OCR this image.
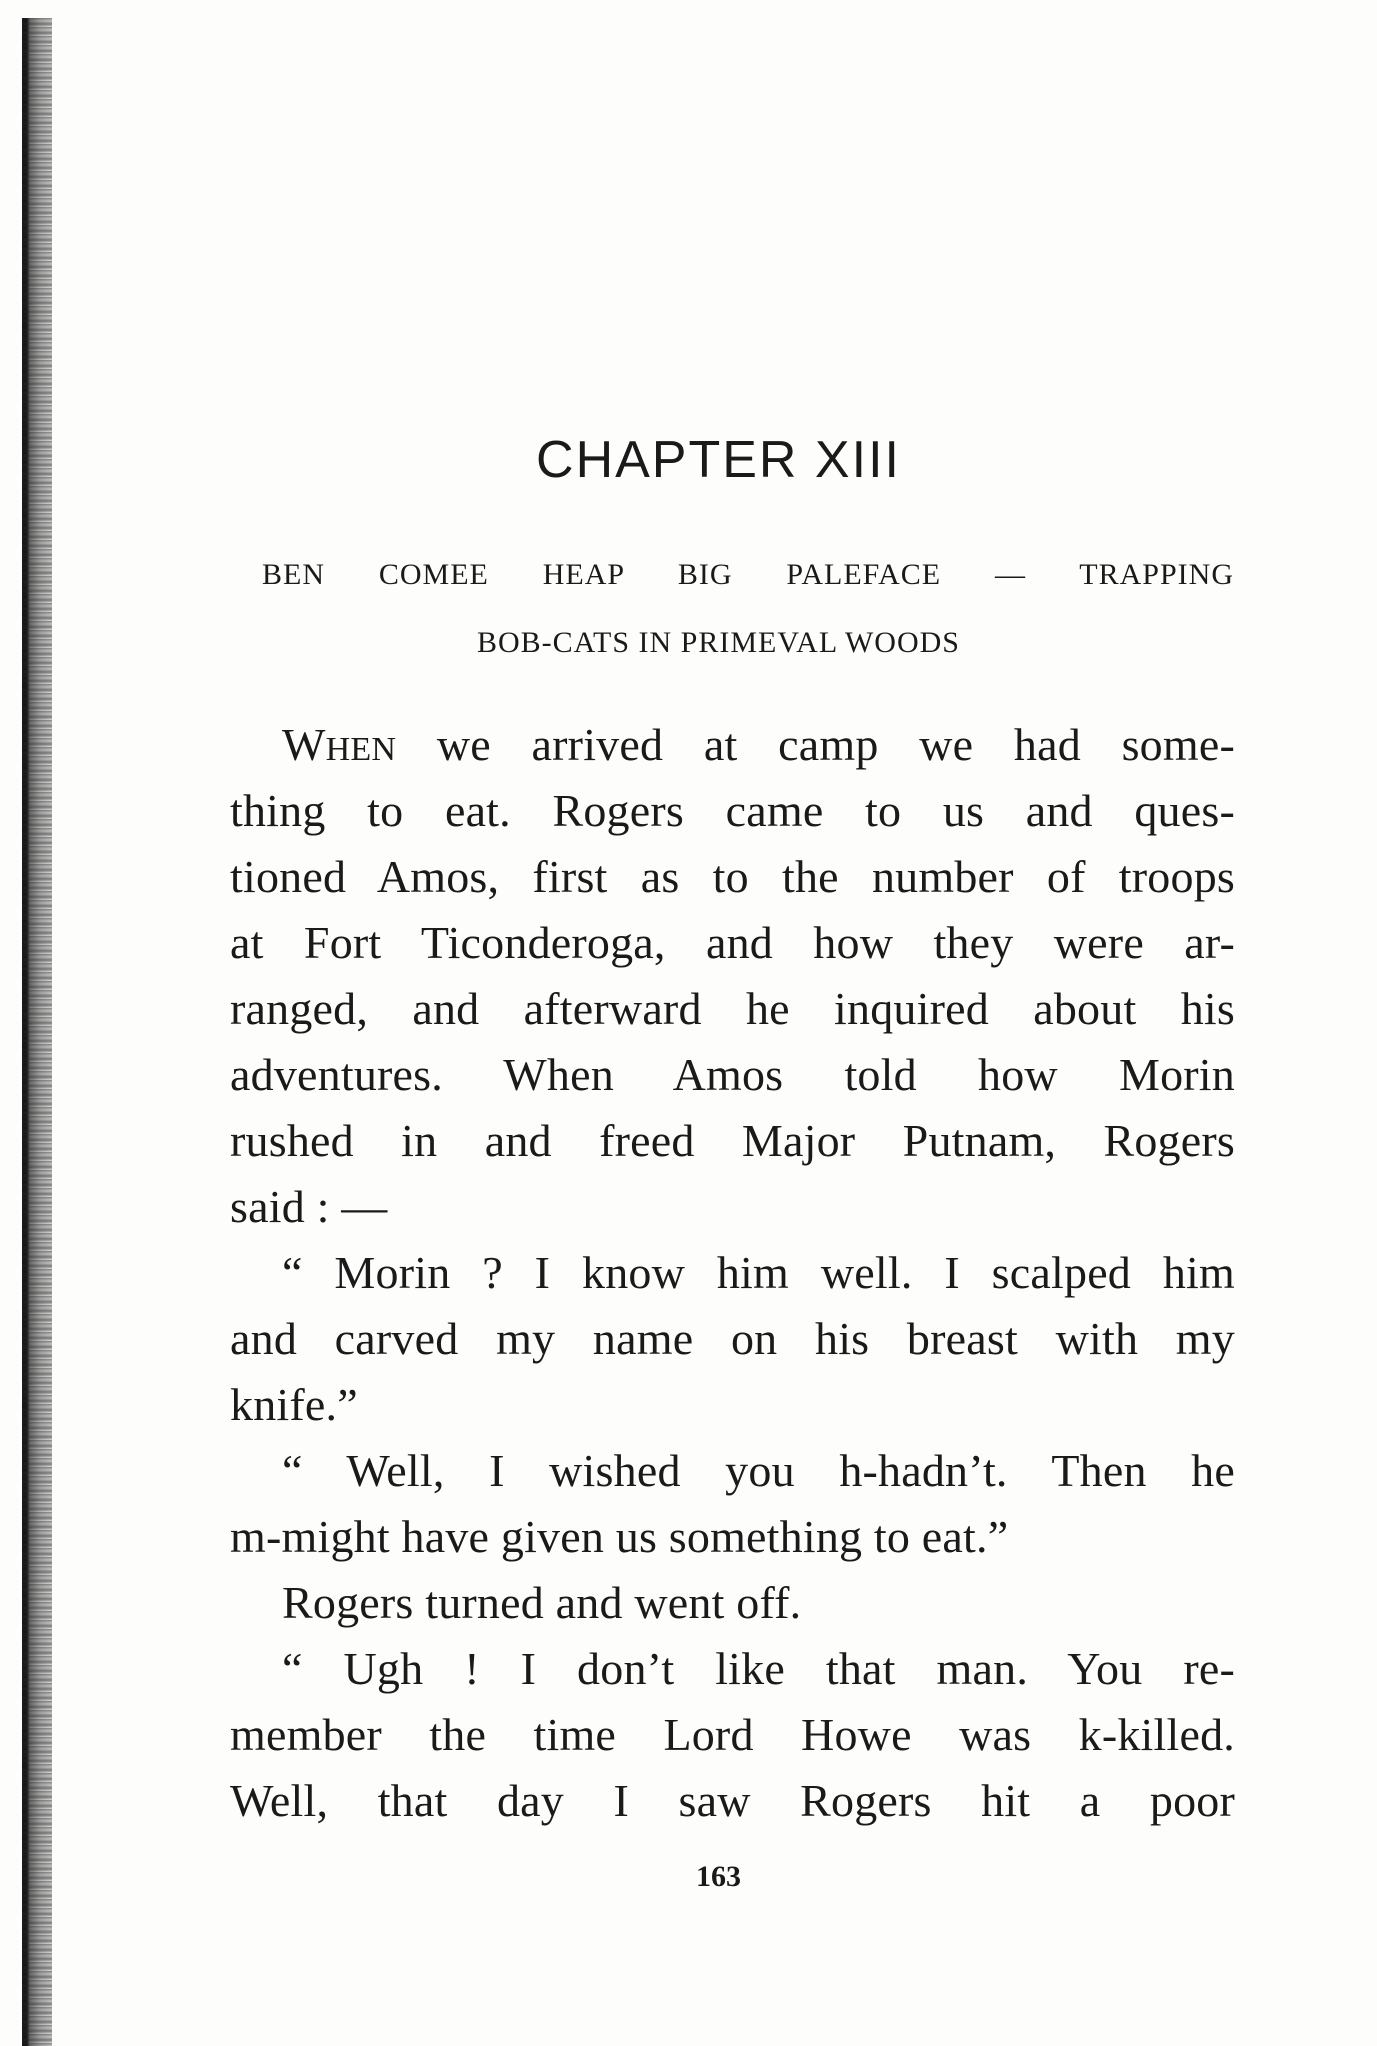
CHAPTER XIII
BEN COMEE HEAP BIG PALEFACE — TRAPPING
BOB-CATS IN PRIMEVAL WOODS
WHEN we arrived at camp we had some-
thing to eat. Rogers came to us and ques-
tioned Amos, first as to the number of troops
at Fort Ticonderoga, and how they were ar-
ranged, and afterward he inquired about his
adventures. When Amos told how Morin
rushed in and freed Major Putnam, Rogers
said : —
“ Morin ? I know him well. I scalped him
and carved my name on his breast with my
knife.”
“ Well, I wished you h-hadn’t. Then he
m-might have given us something to eat.”
Rogers turned and went off.
“ Ugh ! I don’t like that man. You re-
member the time Lord Howe was k-killed.
Well, that day I saw Rogers hit a poor
163
